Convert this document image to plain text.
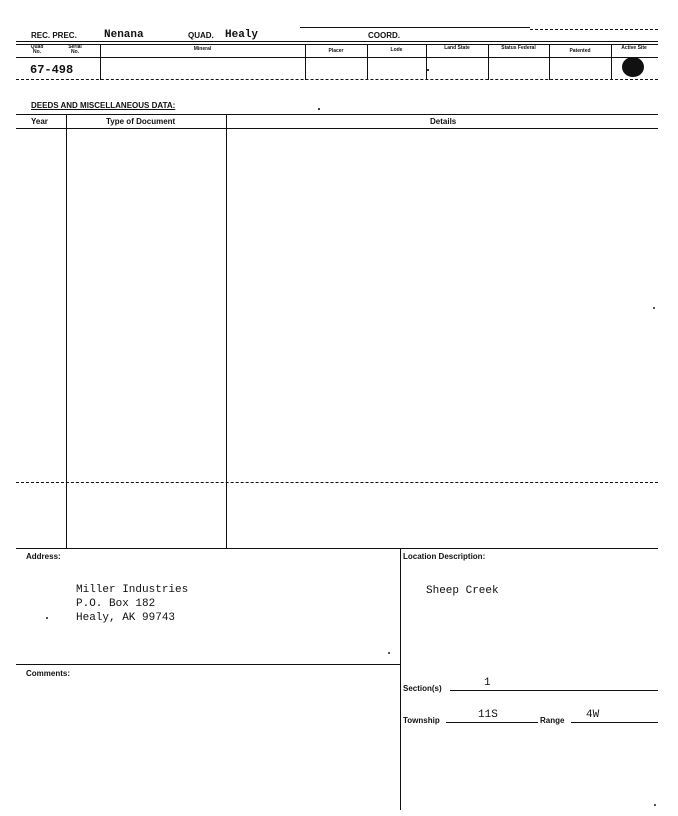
REC. PREC. Nenana	QUAD. Healy	COORD.
Quad No.
Serial No.	Mineral	Placer	Lode	Land State	Status Federal	Patented	Active Site
67-498
DEEDS AND MISCELLANEOUS DATA:
Year	Type of Document	Details
Address:
Miller Industries
P.O. Box 182
Healy, AK 99743
Location Description:
Sheep Creek
Comments:
Section(s)	1
Township	11S	Range 4W
